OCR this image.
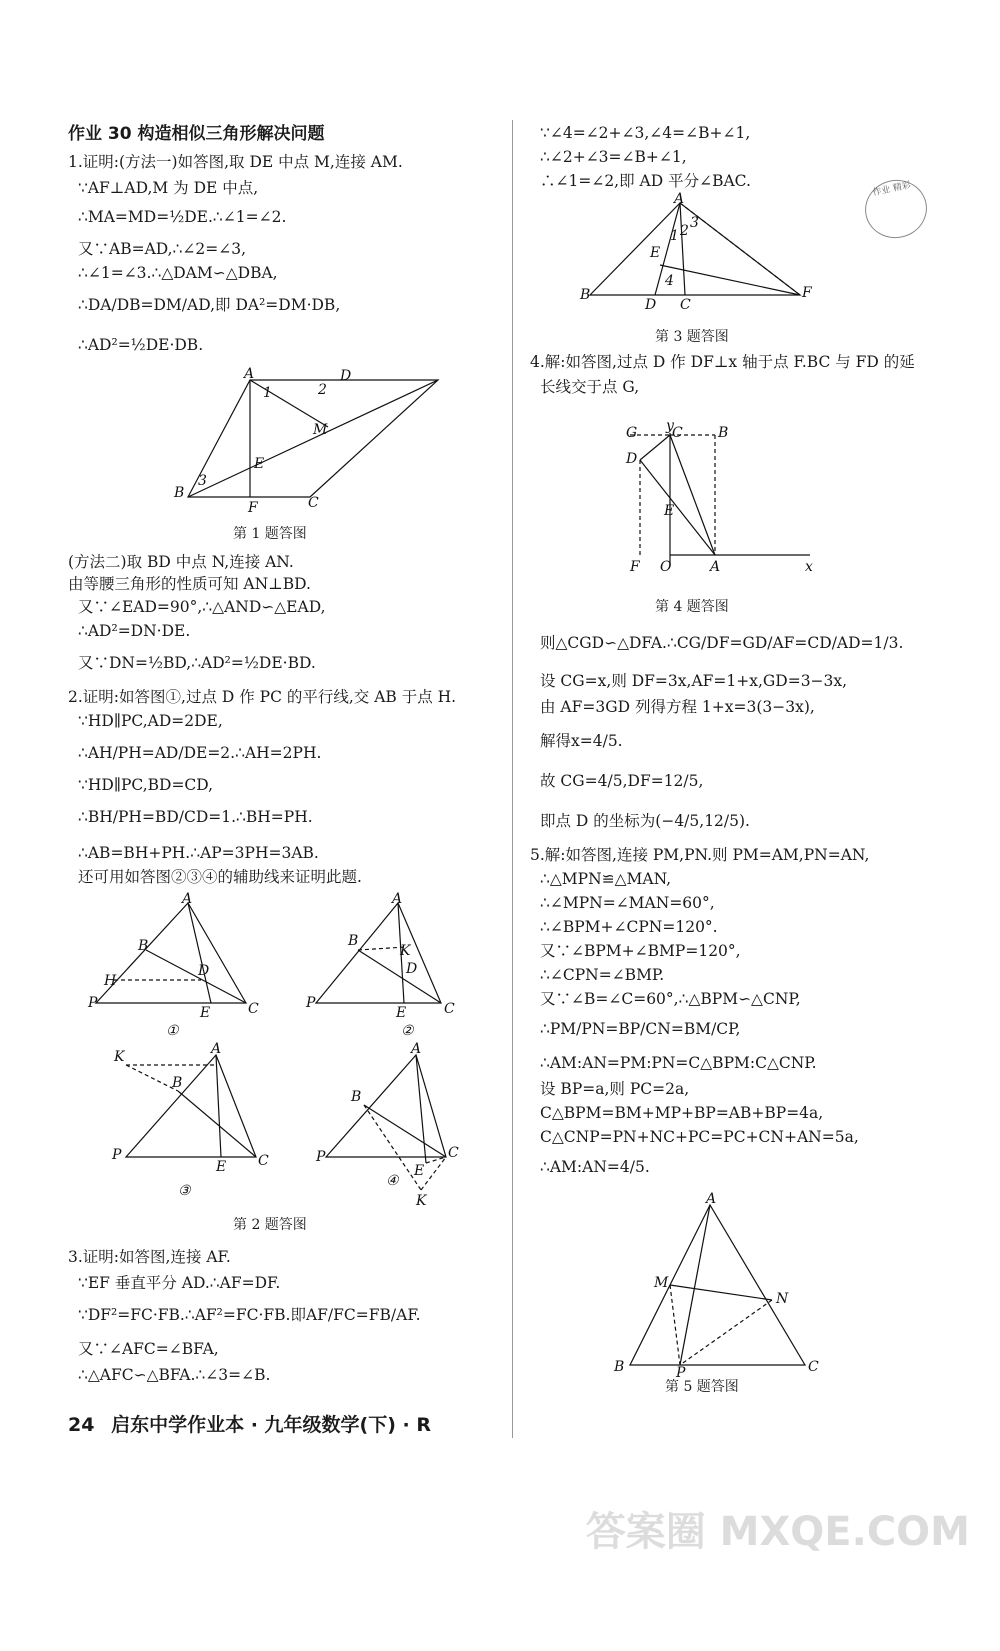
作业 30 构造相似三角形解决问题
1.证明:(方法一)如答图,取 DE 中点 M,连接 AM.
∵AF⊥AD,M 为 DE 中点,
∴MA=MD=½DE.∴∠1=∠2.
又∵AB=AD,∴∠2=∠3,
∴∠1=∠3.∴△DAM∽△DBA,
∴DA/DB=DM/AD,即 DA²=DM·DB,
∴AD²=½DE·DB.
A	D
B
F	C
E
M
3
1	2
第 1 题答图
(方法二)取 BD 中点 N,连接 AN.
由等腰三角形的性质可知 AN⊥BD.
又∵∠EAD=90°,∴△AND∽△EAD,
∴AD²=DN·DE.
又∵DN=½BD,∴AD²=½DE·BD.
2.证明:如答图①,过点 D 作 PC 的平行线,交 AB 于点 H.
∵HD∥PC,AD=2DE,
∴AH/PH=AD/DE=2.∴AH=2PH.
∵HD∥PC,BD=CD,
∴BH/PH=BD/CD=1.∴BH=PH.
∴AB=BH+PH.∴AP=3PH=3AB.
还可用如答图②③④的辅助线来证明此题.
A
B
H
D
P	C
E
①
A
B
K
D
P	C
E
②
A
B
K
P	C
E
③
A
B
P	C
E
K
④
第 2 题答图
3.证明:如答图,连接 AF.
∵EF 垂直平分 AD.∴AF=DF.
∵DF²=FC·FB.∴AF²=FC·FB.即AF/FC=FB/AF.
又∵∠AFC=∠BFA,
∴△AFC∽△BFA.∴∠3=∠B.
∵∠4=∠2+∠3,∠4=∠B+∠1,
∴∠2+∠3=∠B+∠1,
∴∠1=∠2,即 AD 平分∠BAC.
A
B
D C
F
E
4
1 2 3
第 3 题答图
4.解:如答图,过点 D 作 DF⊥x 轴于点 F.BC 与 FD 的延
长线交于点 G,
y
C	B
G
D
E
F O	A	x
第 4 题答图
则△CGD∽△DFA.∴CG/DF=GD/AF=CD/AD=1/3.
设 CG=x,则 DF=3x,AF=1+x,GD=3−3x,
由 AF=3GD 列得方程 1+x=3(3−3x),
解得x=4/5.
故 CG=4/5,DF=12/5,
即点 D 的坐标为(−4/5,12/5).
5.解:如答图,连接 PM,PN.则 PM=AM,PN=AN,
∴△MPN≌△MAN,
∴∠MPN=∠MAN=60°,
∴∠BPM+∠CPN=120°.
又∵∠BPM+∠BMP=120°,
∴∠CPN=∠BMP.
又∵∠B=∠C=60°,∴△BPM∽△CNP,
∴PM/PN=BP/CN=BM/CP,
∴AM:AN=PM:PN=C△BPM:C△CNP.
设 BP=a,则 PC=2a,
C△BPM=BM+MP+BP=AB+BP=4a,
C△CNP=PN+NC+PC=PC+CN+AN=5a,
∴AM:AN=4/5.
A
M
N
B	P	C
第 5 题答图
作业 精彩
24 启东中学作业本 · 九年级数学(下) · R
答案圈 MXQE.COM
